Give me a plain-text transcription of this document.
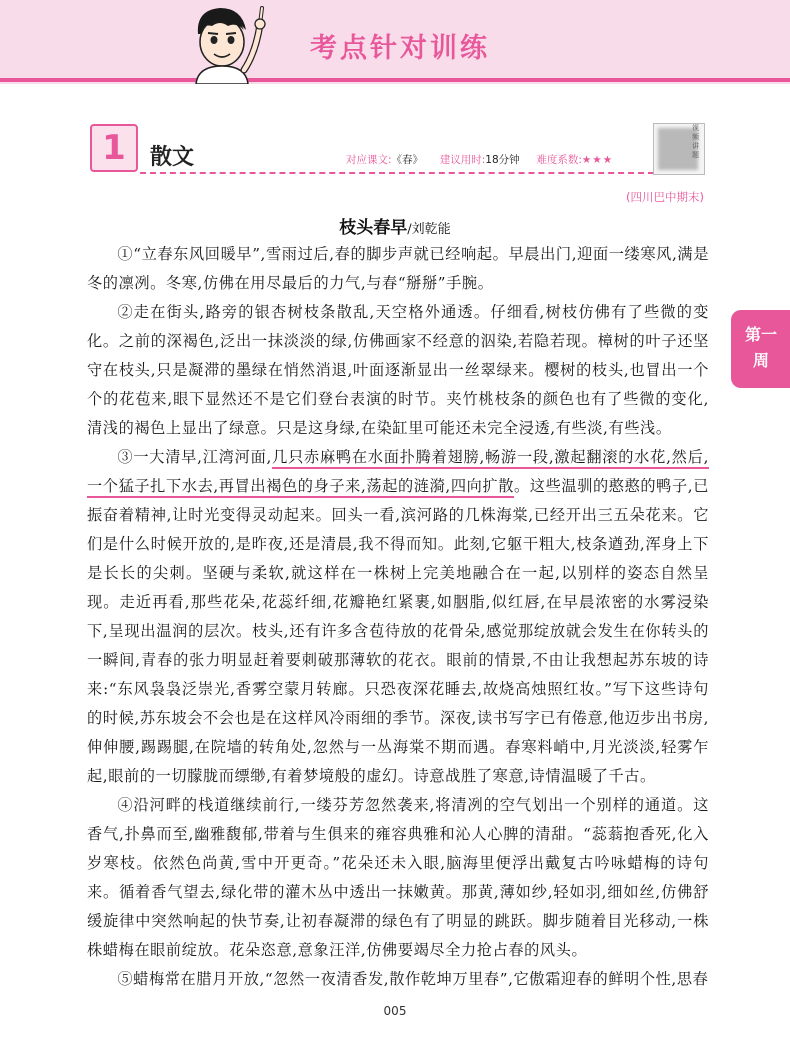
考点针对训练
1	散文	对应课文:《春》 建议用时:18分钟 难度系数:★★★
视频讲题
(四川巴中期末)
第一周
枝头春早/刘乾能

①“立春东风回暖早”,雪雨过后,春的脚步声就已经响起。早晨出门,迎面一缕寒风,满是冬的凛冽。冬寒,仿佛在用尽最后的力气,与春“掰掰”手腕。

②走在街头,路旁的银杏树枝条散乱,天空格外通透。仔细看,树枝仿佛有了些微的变化。之前的深褐色,泛出一抹淡淡的绿,仿佛画家不经意的泅染,若隐若现。樟树的叶子还坚守在枝头,只是凝滞的墨绿在悄然消退,叶面逐渐显出一丝翠绿来。樱树的枝头,也冒出一个个的花苞来,眼下显然还不是它们登台表演的时节。夹竹桃枝条的颜色也有了些微的变化,清浅的褐色上显出了绿意。只是这身绿,在染缸里可能还未完全浸透,有些淡,有些浅。

③一大清早,江湾河面,几只赤麻鸭在水面扑腾着翅膀,畅游一段,激起翻滚的水花,然后,一个猛子扎下水去,再冒出褐色的身子来,荡起的涟漪,四向扩散。这些温驯的憨憨的鸭子,已振奋着精神,让时光变得灵动起来。回头一看,滨河路的几株海棠,已经开出三五朵花来。它们是什么时候开放的,是昨夜,还是清晨,我不得而知。此刻,它躯干粗大,枝条遒劲,浑身上下是长长的尖刺。坚硬与柔软,就这样在一株树上完美地融合在一起,以别样的姿态自然呈现。走近再看,那些花朵,花蕊纤细,花瓣艳红紧裹,如胭脂,似红唇,在早晨浓密的水雾浸染下,呈现出温润的层次。枝头,还有许多含苞待放的花骨朵,感觉那绽放就会发生在你转头的一瞬间,青春的张力明显赶着要刺破那薄软的花衣。眼前的情景,不由让我想起苏东坡的诗来:“东风袅袅泛崇光,香雾空蒙月转廊。只恐夜深花睡去,故烧高烛照红妆。”写下这些诗句的时候,苏东坡会不会也是在这样风冷雨细的季节。深夜,读书写字已有倦意,他迈步出书房,伸伸腰,踢踢腿,在院墙的转角处,忽然与一丛海棠不期而遇。春寒料峭中,月光淡淡,轻雾乍起,眼前的一切朦胧而缥缈,有着梦境般的虚幻。诗意战胜了寒意,诗情温暖了千古。

④沿河畔的栈道继续前行,一缕芬芳忽然袭来,将清冽的空气划出一个别样的通道。这香气,扑鼻而至,幽雅馥郁,带着与生俱来的雍容典雅和沁人心脾的清甜。“蕊蓊抱香死,化入岁寒枝。依然色尚黄,雪中开更奇。”花朵还未入眼,脑海里便浮出戴复古吟咏蜡梅的诗句来。循着香气望去,绿化带的灌木丛中透出一抹嫩黄。那黄,薄如纱,轻如羽,细如丝,仿佛舒缓旋律中突然响起的快节奏,让初春凝滞的绿色有了明显的跳跃。脚步随着目光移动,一株株蜡梅在眼前绽放。花朵恣意,意象汪洋,仿佛要竭尽全力抢占春的风头。

⑤蜡梅常在腊月开放,“忽然一夜清香发,散作乾坤万里春”,它傲霜迎春的鲜明个性,思春

005
